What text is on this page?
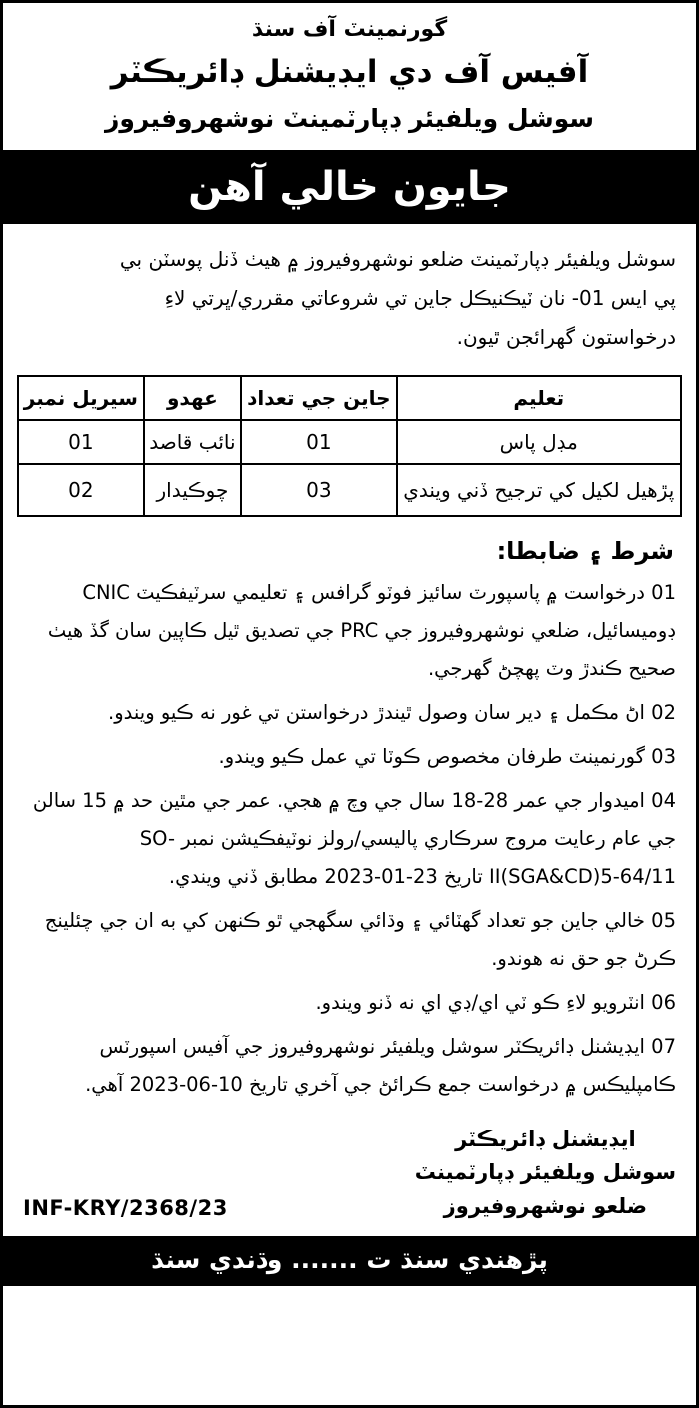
گورنمينٽ آف سنڌ
آفيس آف دي ايڊيشنل ڊائريڪٽر
سوشل ويلفيئر ڊپارٽمينٽ نوشهروفيروز
جايون خالي آهن
سوشل ويلفيئر ڊپارٽمينٽ ضلعو نوشهروفيروز ۾ هيٺ ڏنل پوسٽن بي
پي ايس 01- نان ٽيڪنيڪل جاين تي شروعاتي مقرري/ڀرتي لاءِ
درخواستون گهرائجن ٿيون.
تعليم	جاين جي تعداد	عهدو	سيريل نمبر
مڊل پاس	01	نائب قاصد	01
پڙهيل لکيل کي ترجيح ڏني ويندي	03	چوڪيدار	02
شرط ۽ ضابطا:
01 درخواست ۾ پاسپورٽ سائيز فوٽو گرافس ۽ تعليمي سرٽيفڪيٽ CNIC ڊوميسائيل، ضلعي نوشهروفيروز جي PRC جي تصديق ٿيل ڪاپين سان گڏ هيٺ صحيح ڪندڙ وٽ پهچڻ گهرجي.
02 اڻ مڪمل ۽ دير سان وصول ٿيندڙ درخواستن تي غور نه ڪيو ويندو.
03 گورنمينٽ طرفان مخصوص ڪوٽا تي عمل ڪيو ويندو.
04 اميدوار جي عمر 28-18 سال جي وچ ۾ هجي. عمر جي مٿين حد ۾ 15 سالن جي عام رعايت مروج سرڪاري پاليسي/رولز نوٽيفڪيشن نمبر SO-II(SGA&CD)5-64/11 تاريخ 23-01-2023 مطابق ڏني ويندي.
05 خالي جاين جو تعداد گهٽائي ۽ وڌائي سگهجي ٿو ڪنهن کي به ان جي چئلينج ڪرڻ جو حق نه هوندو.
06 انٽرويو لاءِ ڪو ٽي اي/ڊي اي نه ڏنو ويندو.
07 ايڊيشنل ڊائريڪٽر سوشل ويلفيئر نوشهروفيروز جي آفيس اسپورٽس ڪامپليڪس ۾ درخواست جمع ڪرائڻ جي آخري تاريخ 10-06-2023 آهي.
INF-KRY/2368/23
ايڊيشنل ڊائريڪٽر
سوشل ويلفيئر ڊپارٽمينٽ
ضلعو نوشهروفيروز
پڙهندي سنڌ ت ....... وڌندي سنڌ
